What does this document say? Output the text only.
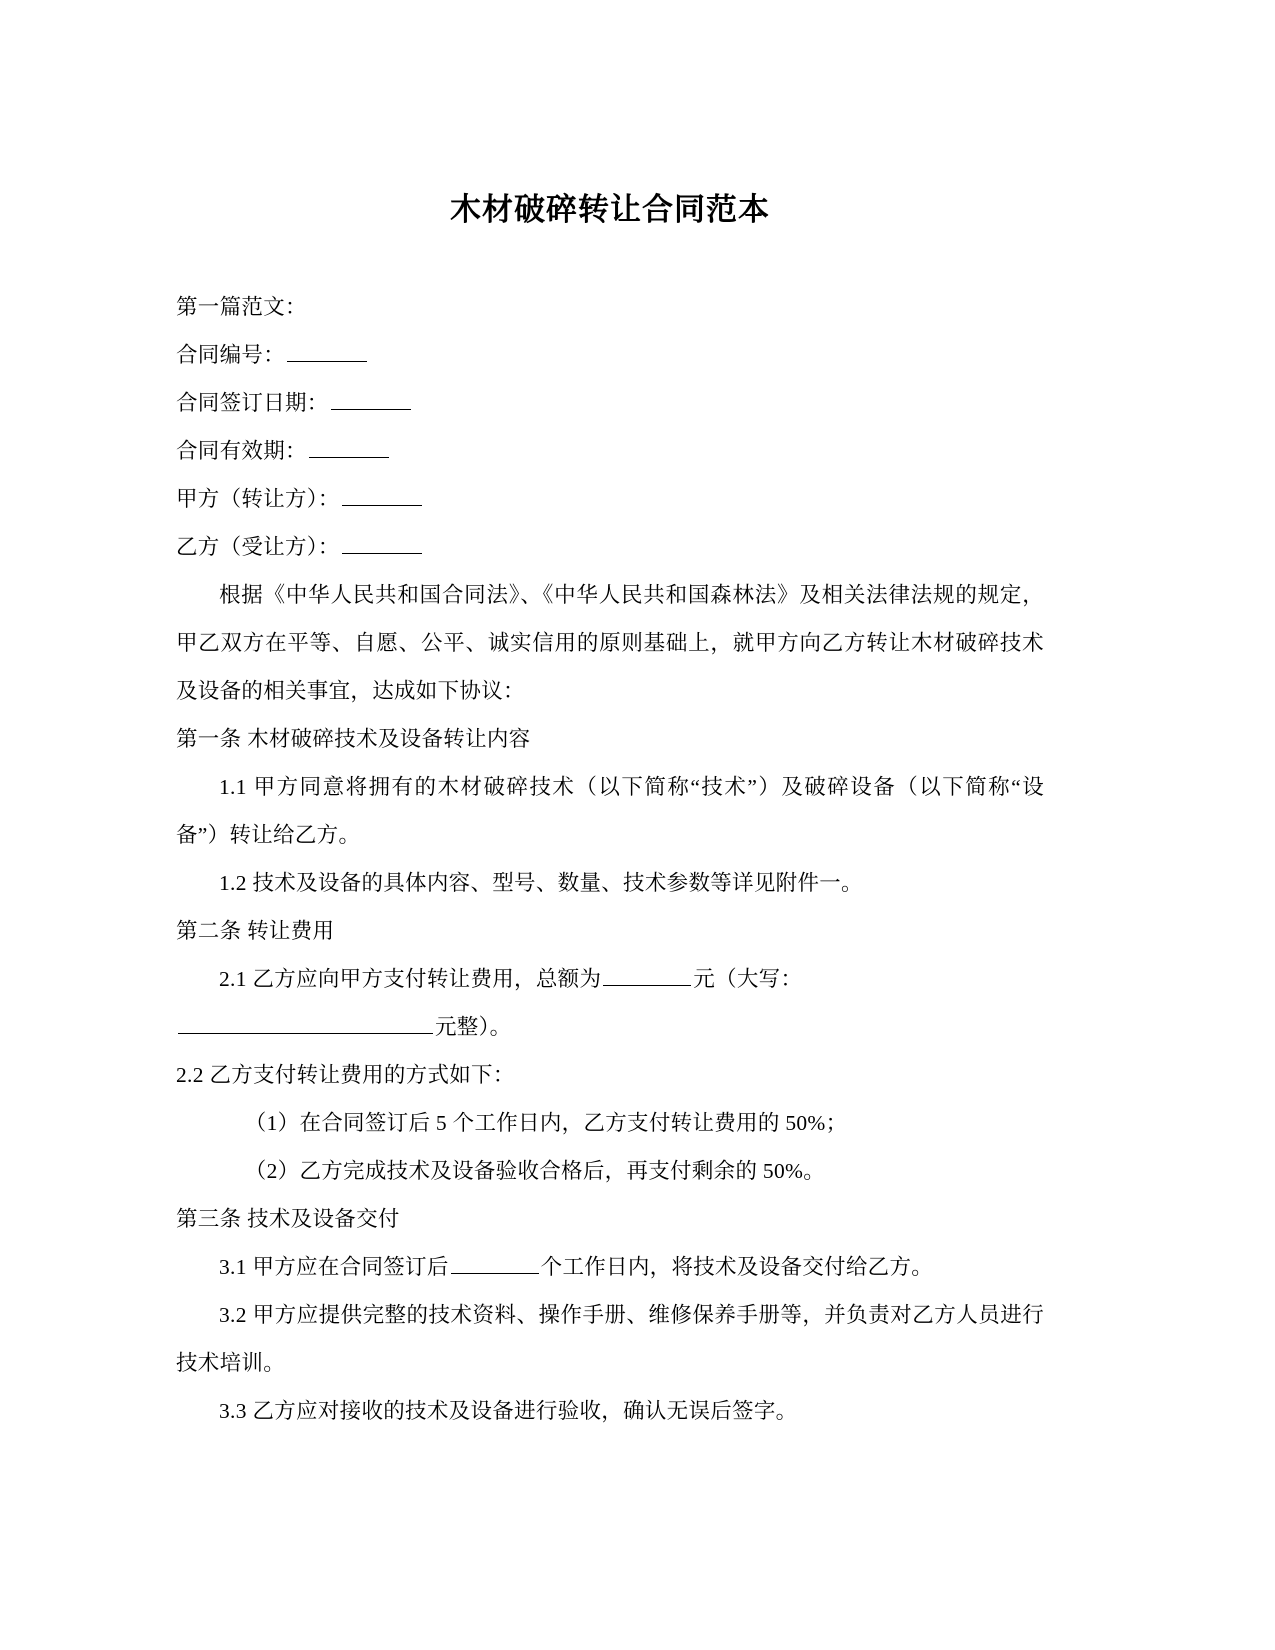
木材破碎转让合同范本

第一篇范文：

合同编号：

合同签订日期：

合同有效期：

甲方（转让方）：

乙方（受让方）：

根据《中华人民共和国合同法》、《中华人民共和国森林法》及相关法律法规的规定，甲乙双方在平等、自愿、公平、诚实信用的原则基础上，就甲方向乙方转让木材破碎技术及设备的相关事宜，达成如下协议：

第一条 木材破碎技术及设备转让内容

1.1 甲方同意将拥有的木材破碎技术（以下简称“技术”）及破碎设备（以下简称“设备”）转让给乙方。

1.2 技术及设备的具体内容、型号、数量、技术参数等详见附件一。

第二条 转让费用

2.1 乙方应向甲方支付转让费用，总额为	元（大写：

元整）。

2.2 乙方支付转让费用的方式如下：

（1）在合同签订后 5 个工作日内，乙方支付转让费用的 50%；

（2）乙方完成技术及设备验收合格后，再支付剩余的 50%。

第三条 技术及设备交付

3.1 甲方应在合同签订后	个工作日内，将技术及设备交付给乙方。

3.2 甲方应提供完整的技术资料、操作手册、维修保养手册等，并负责对乙方人员进行技术培训。

3.3 乙方应对接收的技术及设备进行验收，确认无误后签字。
